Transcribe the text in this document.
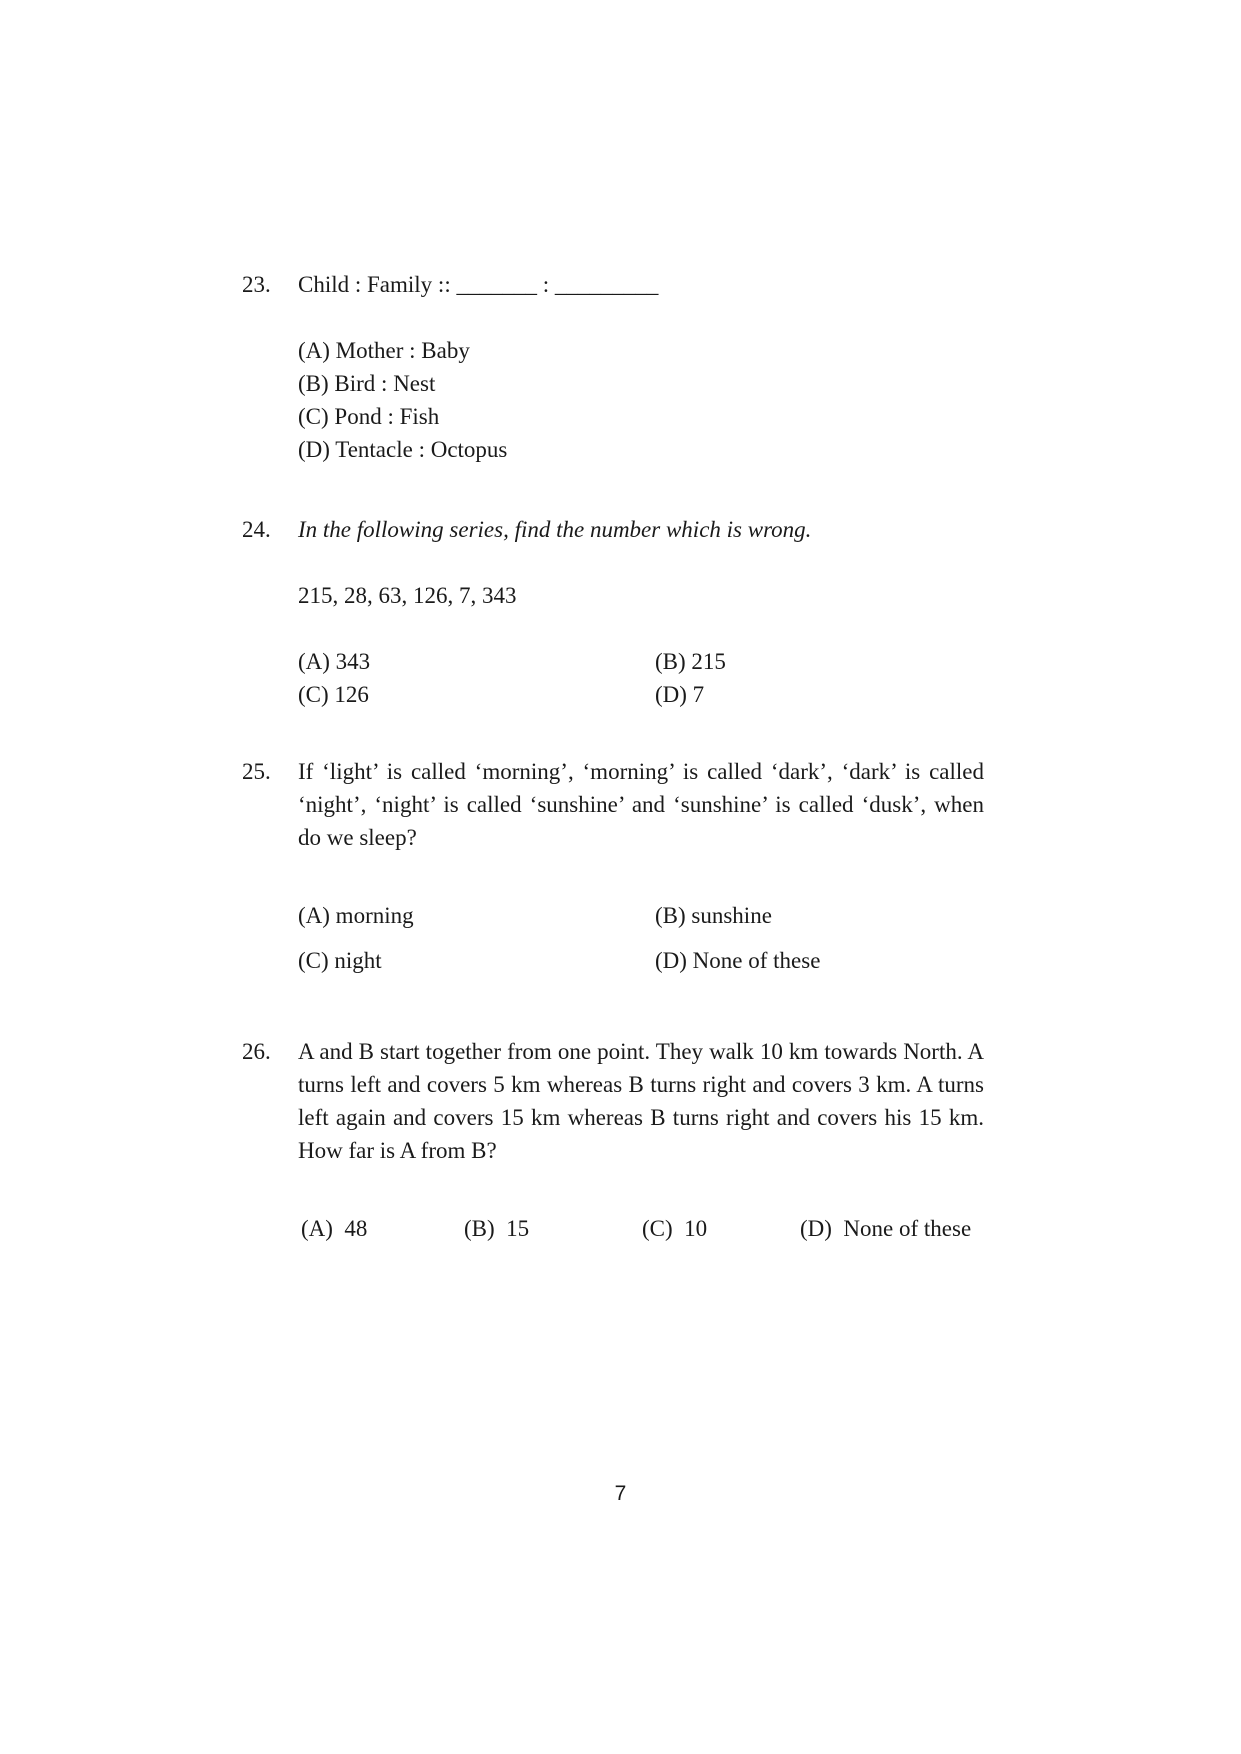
23.	Child : Family :: _______ : _________
(A) Mother : Baby
(B) Bird : Nest
(C) Pond : Fish
(D) Tentacle : Octopus
24.	In the following series, find the number which is wrong.
215, 28, 63, 126, 7, 343
(A) 343	(B) 215
(C) 126	(D) 7
25.	If ‘light’ is called ‘morning’, ‘morning’ is called ‘dark’, ‘dark’ is called ‘night’, ‘night’ is called ‘sunshine’ and ‘sunshine’ is called ‘dusk’, when do we sleep?
(A) morning	(B) sunshine
(C) night	(D) None of these
26.	A and B start together from one point. They walk 10 km towards North. A turns left and covers 5 km whereas B turns right and covers 3 km. A turns left again and covers 15 km whereas B turns right and covers his 15 km. How far is A from B?
(A)  48	(B)  15	(C)  10	(D)  None of these
7
